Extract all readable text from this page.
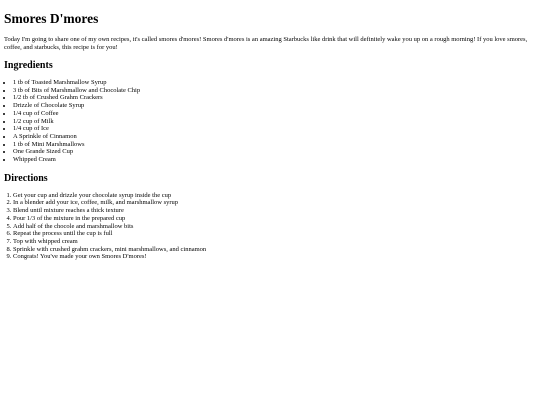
Smores D'mores

Today I'm going to share one of my own recipes, it's called smores d'mores! Smores d'mores is an amazing Starbucks like drink that will definitely wake you up on a rough morning! If you love smores, coffee, and starbucks, this recipe is for you!

Ingredients
• 1 tb of Toasted Marshmallow Syrup
• 3 tb of Bits of Marshmallow and Chocolate Chip
• 1/2 tb of Crushed Grahm Crackers
• Drizzle of Chocolate Syrup
• 1/4 cup of Coffee
• 1/2 cup of Milk
• 1/4 cup of Ice
• A Sprinkle of Cinnamon
• 1 tb of Mini Marshmallows
• One Grande Sized Cup
• Whipped Cream
Directions
1. Get your cup and drizzle your chocolate syrup inside the cup
2. In a blender add your ice, coffee, milk, and marshmallow syrup
3. Blend until mixture reaches a thick texture
4. Pour 1/3 of the mixture in the prepared cup
5. Add half of the chocole and marshmallow bits
6. Repeat the process until the cup is full
7. Top with whipped cream
8. Sprinkle with crushed grahm crackers, mini marshmallows, and cinnamon
9. Congrats! You've made your own Smores D'mores!
